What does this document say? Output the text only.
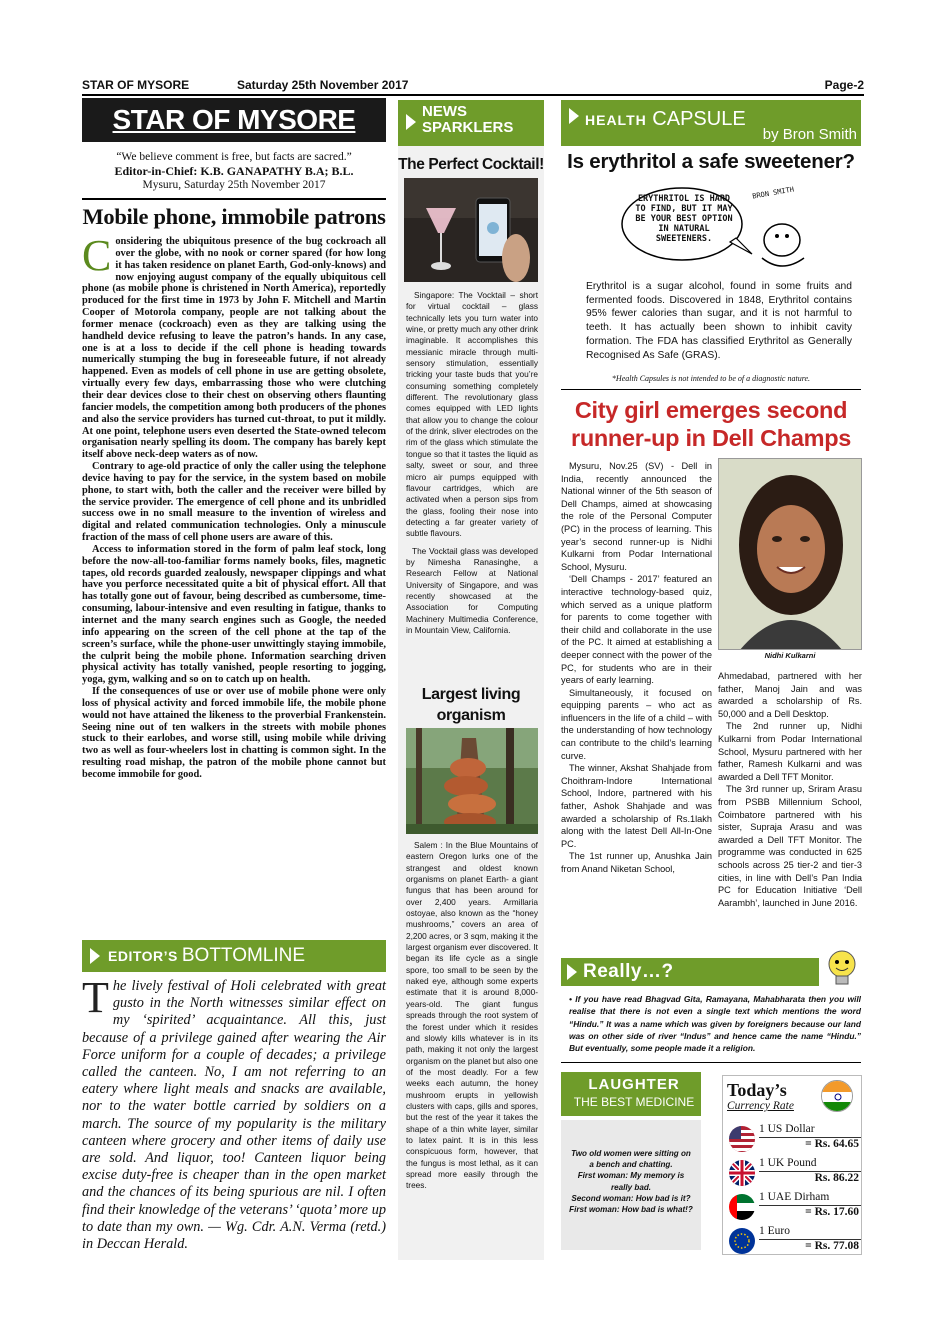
STAR OF MYSORE	Saturday 25th November 2017	Page-2
STAR OF MYSORE
“We believe comment is free, but facts are sacred.”
Editor-in-Chief: K.B. GANAPATHY B.A; B.L.
Mysuru, Saturday 25th November 2017
Mobile phone, immobile patrons
C onsidering the ubiquitous presence of the bug cockroach all over the globe, with no nook or corner spared (for how long it has taken residence on planet Earth, God-only-knows) and now enjoying august company of the equally ubiquitous cell phone (as mobile phone is christened in North America), reportedly produced for the first time in 1973 by John F. Mitchell and Martin Cooper of Motorola company, people are not talking about the former menace (cockroach) even as they are talking using the handheld device refusing to leave the patron’s hands. In any case, one is at a loss to decide if the cell phone is heading towards numerically stumping the bug in foreseeable future, if not already happened. Even as models of cell phone in use are getting obsolete, virtually every few days, embarrassing those who were clutching their dear devices close to their chest on observing others flaunting fancier models, the competition among both producers of the phones and also the service providers has turned cut-throat, to put it mildly. At one point, telephone users even deserted the State-owned telecom organisation nearly spelling its doom. The company has barely kept itself above neck-deep waters as of now.

Contrary to age-old practice of only the caller using the telephone device having to pay for the service, in the system based on mobile phone, to start with, both the caller and the receiver were billed by the service provider. The emergence of cell phone and its unbridled success owe in no small measure to the invention of wireless and digital and related communication technologies. Only a minuscule fraction of the mass of cell phone users are aware of this.

Access to information stored in the form of palm leaf stock, long before the now-all-too-familiar forms namely books, files, magnetic tapes, old records guarded zealously, newspaper clippings and what have you perforce necessitated quite a bit of physical effort. All that has totally gone out of favour, being described as cumbersome, time-consuming, labour-intensive and even resulting in fatigue, thanks to internet and the many search engines such as Google, the needed info appearing on the screen of the cell phone at the tap of the screen’s surface, while the phone-user unwittingly staying immobile, the culprit being the mobile phone. Information searching driven physical activity has totally vanished, people resorting to jogging, yoga, gym, walking and so on to catch up on health.

If the consequences of use or over use of mobile phone were only loss of physical activity and forced immobile life, the mobile phone would not have attained the likeness to the proverbial Frankenstein. Seeing nine out of ten walkers in the streets with mobile phones stuck to their earlobes, and worse still, using mobile while driving two as well as four-wheelers lost in chatting is common sight. In the resulting road mishap, the patron of the mobile phone cannot but become immobile for good.

EDITOR’S BOTTOMLINE
T he lively festival of Holi celebrated with great gusto in the North witnesses similar effect on my ‘spirited’ acquaintance. All this, just because of a privilege gained after wearing the Air Force uniform for a couple of decades; a privilege called the canteen. No, I am not referring to an eatery where light meals and snacks are available, nor to the water bottle carried by soldiers on a march. The source of my popularity is the military canteen where grocery and other items of daily use are sold. And liquor, too! Canteen liquor being excise duty-free is cheaper than in the open market and the chances of its being spurious are nil. I often find their knowledge of the veterans’ ‘quota’ more up to date than my own. — Wg. Cdr. A.N. Verma (retd.) in Deccan Herald.
NEWS
SPARKLERS
The Perfect Cocktail!

Singapore: The Vocktail – short for virtual cocktail – glass technically lets you turn water into wine, or pretty much any other drink imaginable. It accomplishes this messianic miracle through multi-sensory stimulation, essentially tricking your taste buds that you’re consuming something completely different. The revolutionary glass comes equipped with LED lights that allow you to change the colour of the drink, sliver electrodes on the rim of the glass which stimulate the tongue so that it tastes the liquid as salty, sweet or sour, and three micro air pumps equipped with flavour cartridges, which are activated when a person sips from the glass, fooling their nose into detecting a far greater variety of subtle flavours.

The Vocktail glass was developed by Nimesha Ranasinghe, a Research Fellow at National University of Singapore, and was recently showcased at the Association for Computing Machinery Multimedia Conference, in Mountain View, California.

Largest living organism

Salem : In the Blue Mountains of eastern Oregon lurks one of the strangest and oldest known organisms on planet Earth- a giant fungus that has been around for over 2,400 years. Armillaria ostoyae, also known as the “honey mushrooms,” covers an area of 2,200 acres, or 3 sqm, making it the largest organism ever discovered. It began its life cycle as a single spore, too small to be seen by the naked eye, although some experts estimate that it is around 8,000-years-old. The giant fungus spreads through the root system of the forest under which it resides and slowly kills whatever is in its path, making it not only the largest organism on the planet but also one of the most deadly. For a few weeks each autumn, the honey mushroom erupts in yellowish clusters with caps, gills and spores, but the rest of the year it takes the shape of a thin white layer, similar to latex paint. It is in this less conspicuous form, however, that the fungus is most lethal, as it can spread more easily through the trees.

HEALTH CAPSULE
by Bron Smith
Is erythritol a safe sweetener?
ERYTHRITOL IS HARD TO FIND, BUT IT MAY BE YOUR BEST OPTION IN NATURAL SWEETENERS.
BRON SMITH
Erythritol is a sugar alcohol, found in some fruits and fermented foods. Discovered in 1848, Erythritol contains 95% fewer calories than sugar, and it is not harmful to teeth. It has actually been shown to inhibit cavity formation. The FDA has classified Erythritol as Generally Recognised As Safe (GRAS).
*Health Capsules is not intended to be of a diagnostic nature.
City girl emerges second runner-up in Dell Champs

Mysuru, Nov.25 (SV) - Dell in India, recently announced the National winner of the 5th season of Dell Champs, aimed at showcasing the role of the Personal Computer (PC) in the process of learning. This year’s second runner-up is Nidhi Kulkarni from Podar International School, Mysuru.

‘Dell Champs - 2017’ featured an interactive technology-based quiz, which served as a unique platform for parents to come together with their child and collaborate in the use of the PC. It aimed at establishing a deeper connect with the power of the PC, for students who are in their years of early learning.

Simultaneously, it focused on equipping parents – who act as influencers in the life of a child – with the understanding of how technology can contribute to the child’s learning curve.

The winner, Akshat Shahjade from Choithram-Indore International School, Indore, partnered with his father, Ashok Shahjade and was awarded a scholarship of Rs.1lakh along with the latest Dell All-In-One PC.

The 1st runner up, Anushka Jain from Anand Niketan School,

Nidhi Kulkarni

Ahmedabad, partnered with her father, Manoj Jain and was awarded a scholarship of Rs. 50,000 and a Dell Desktop.

The 2nd runner up, Nidhi Kulkarni from Podar International School, Mysuru partnered with her father, Ramesh Kulkarni and was awarded a Dell TFT Monitor.

The 3rd runner up, Sriram Arasu from PSBB Millennium School, Coimbatore partnered with his sister, Supraja Arasu and was awarded a Dell TFT Monitor. The programme was conducted in 625 schools across 25 tier-2 and tier-3 cities, in line with Dell’s Pan India PC for Education Initiative ‘Dell Aarambh’, launched in June 2016.

Really…?
• If you have read Bhagvad Gita, Ramayana, Mahabharata then you will realise that there is not even a single text which mentions the word “Hindu.” It was a name which was given by foreigners because our land was on other side of river “Indus” and hence came the name “Hindu.” But eventually, some people made it a religion.
LAUGHTER
THE BEST MEDICINE
Two old women were sitting on a bench and chatting.
First woman: My memory is really bad.
Second woman: How bad is it?
First woman: How bad is what!?
Today’s
Currency Rate
1 US Dollar
= Rs. 64.65
1 UK Pound
Rs. 86.22
1 UAE Dirham
= Rs. 17.60
1 Euro
= Rs. 77.08
